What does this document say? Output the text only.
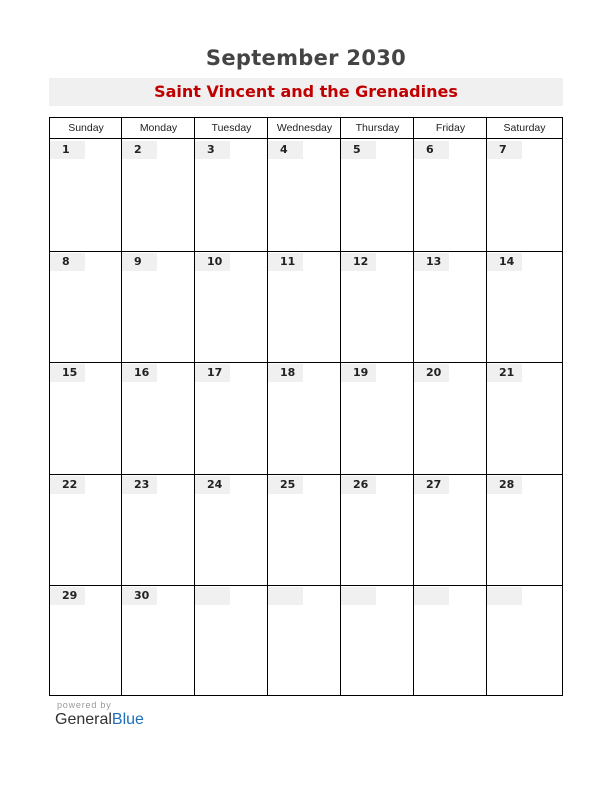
September 2030
Saint Vincent and the Grenadines
Sunday	Monday	Tuesday	Wednesday	Thursday	Friday	Saturday
1	2	3	4	5	6	7
8	9	10	11	12	13	14
15	16	17	18	19	20	21
22	23	24	25	26	27	28
29	30
powered by
GeneralBlue
